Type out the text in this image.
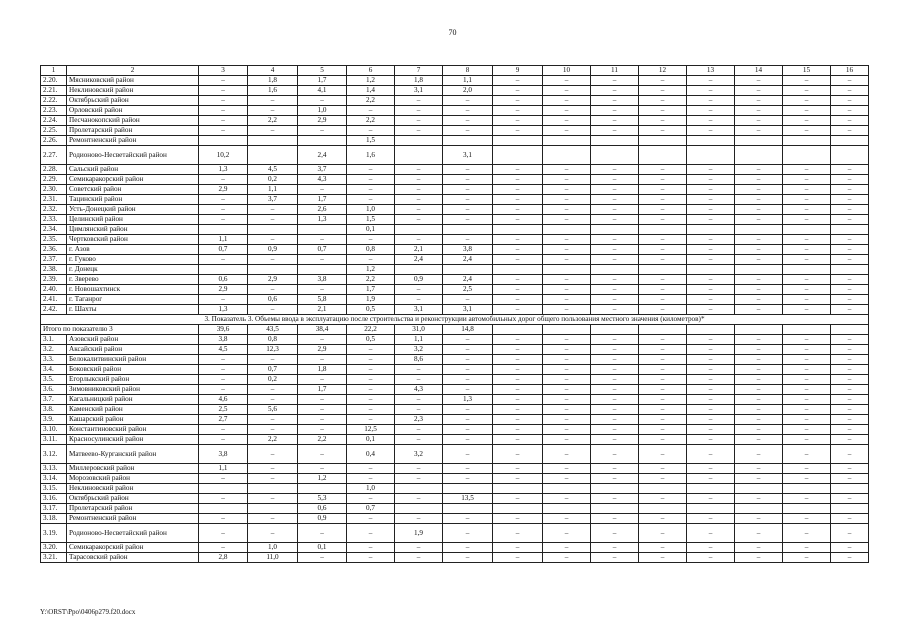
70
1	2	3	4	5	6	7	8	9	10	11	12	13	14	15	16
2.20.	Мясниковский район	–	1,8	1,7	1,2	1,8	1,1	–	–	–	–	–	–	–	–
2.21.	Неклиновский район	–	1,6	4,1	1,4	3,1	2,0	–	–	–	–	–	–	–	–
2.22.	Октябрьский район	–	–	–	2,2	–	–	–	–	–	–	–	–	–	–
2.23.	Орловский район	–	–	1,0	–	–	–	–	–	–	–	–	–	–	–
2.24.	Песчанокопский район	–	2,2	2,9	2,2	–	–	–	–	–	–	–	–	–	–
2.25.	Пролетарский район	–	–	–	–	–	–	–	–	–	–	–	–	–	–
2.26.	Ремонтненский район				1,5										
2.27.	Родионово-Несветайский район	10,2		2,4	1,6		3,1								
2.28.	Сальский район	1,3	4,5	3,7	–	–	–	–	–	–	–	–	–	–	–
2.29.	Семикаракорский район	–	0,2	4,3	–	–	–	–	–	–	–	–	–	–	–
2.30.	Советский район	2,9	1,1	–	–	–	–	–	–	–	–	–	–	–	–
2.31.	Тацинский район	–	3,7	1,7	–	–	–	–	–	–	–	–	–	–	–
2.32.	Усть-Донецкий район	–	–	2,6	1,0	–	–	–	–	–	–	–	–	–	–
2.33.	Целинский район	–	–	1,3	1,5	–	–	–	–	–	–	–	–	–	–
2.34.	Цимлянский район				0,1										
2.35.	Чертковский район	1,1	–	–	–	–	–	–	–	–	–	–	–	–	–
2.36.	г. Азов	0,7	0,9	0,7	0,8	2,1	3,8	–	–	–	–	–	–	–	–
2.37.	г. Гуково	–	–	–	–	2,4	2,4	–	–	–	–	–	–	–	–
2.38.	г. Донецк				1,2										
2.39.	г. Зверево	0,6	2,9	3,8	2,2	0,9	2,4	–	–	–	–	–	–	–	–
2.40.	г. Новошахтинск	2,9	–	–	1,7	–	2,5	–	–	–	–	–	–	–	–
2.41.	г. Таганрог	–	0,6	5,8	1,9	–	–	–	–	–	–	–	–	–	–
2.42.	г. Шахты	1,3	–	2,1	0,5	3,1	3,1	–	–	–	–	–	–	–	–
3. Показатель 3. Объемы ввода в эксплуатацию после строительства и реконструкции автомобильных дорог общего пользования местного значения (километров)*															
Итого по показателю 3		39,6	43,5	38,4	22,2	31,0	14,8								
3.1.	Азовский район	3,8	0,8	–	0,5	1,1	–	–	–	–	–	–	–	–	–
3.2.	Аксайский район	4,5	12,3	2,9	–	3,2	–	–	–	–	–	–	–	–	–
3.3.	Белокалитвинский район	–	–	–	–	8,6	–	–	–	–	–	–	–	–	–
3.4.	Боковский район	–	0,7	1,8	–	–	–	–	–	–	–	–	–	–	–
3.5.	Егорлыкский район	–	0,2	–	–	–	–	–	–	–	–	–	–	–	–
3.6.	Зимовниковский район	–	–	1,7	–	4,3	–	–	–	–	–	–	–	–	–
3.7.	Кагальницкий район	4,6	–	–	–	–	1,3	–	–	–	–	–	–	–	–
3.8.	Каменский район	2,5	5,6	–	–	–	–	–	–	–	–	–	–	–	–
3.9.	Кашарский район	2,7	–	–	–	2,3	–	–	–	–	–	–	–	–	–
3.10.	Константиновский район	–	–	–	12,5	–	–	–	–	–	–	–	–	–	–
3.11.	Красносулинский район	–	2,2	2,2	0,1	–	–	–	–	–	–	–	–	–	–
3.12.	Матвеево-Курганский район	3,8	–	–	0,4	3,2	–	–	–	–	–	–	–	–	–
3.13.	Миллеровский район	1,1	–	–	–	–	–	–	–	–	–	–	–	–	–
3.14.	Морозовский район	–	–	1,2	–	–	–	–	–	–	–	–	–	–	–
3.15.	Неклиновский район				1,0										
3.16.	Октябрьский район	–	–	5,3	–	–	13,5	–	–	–	–	–	–	–	–
3.17.	Пролетарский район			0,6	0,7										
3.18.	Ремонтненский район	–	–	0,9	–	–	–	–	–	–	–	–	–	–	–
3.19.	Родионово-Несветайский район	–	–	–	–	1,9	–	–	–	–	–	–	–	–	–
3.20.	Семикаракорский район	–	1,0	0,1	–	–	–	–	–	–	–	–	–	–	–
3.21.	Тарасовский район	2,8	11,0	–	–	–	–	–	–	–	–	–	–	–	–
Y:\ORST\Ppo\0406p279.f20.docx
